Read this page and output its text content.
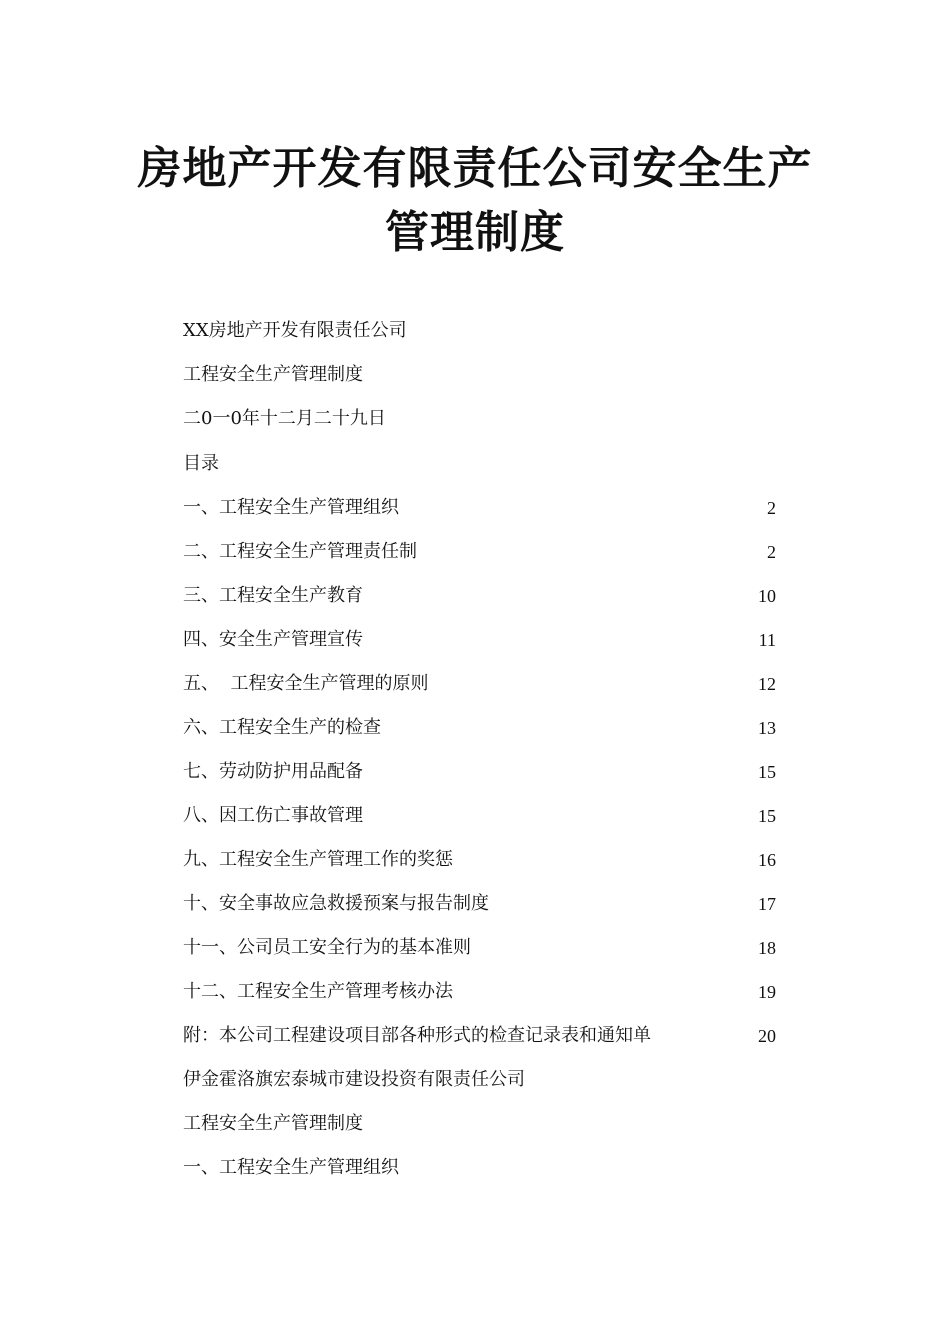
房地产开发有限责任公司安全生产
管理制度
XX房地产开发有限责任公司
工程安全生产管理制度
二0一0年十二月二十九日
目录
一、工程安全生产管理组织	2
二、工程安全生产管理责任制	2
三、工程安全生产教育	10
四、安全生产管理宣传	11
五、  工程安全生产管理的原则	12
六、工程安全生产的检查	13
七、劳动防护用品配备	15
八、因工伤亡事故管理	15
九、工程安全生产管理工作的奖惩	16
十、安全事故应急救援预案与报告制度	17
十一、公司员工安全行为的基本准则	18
十二、工程安全生产管理考核办法	19
附：本公司工程建设项目部各种形式的检查记录表和通知单	20
伊金霍洛旗宏泰城市建设投资有限责任公司
工程安全生产管理制度
一、工程安全生产管理组织
